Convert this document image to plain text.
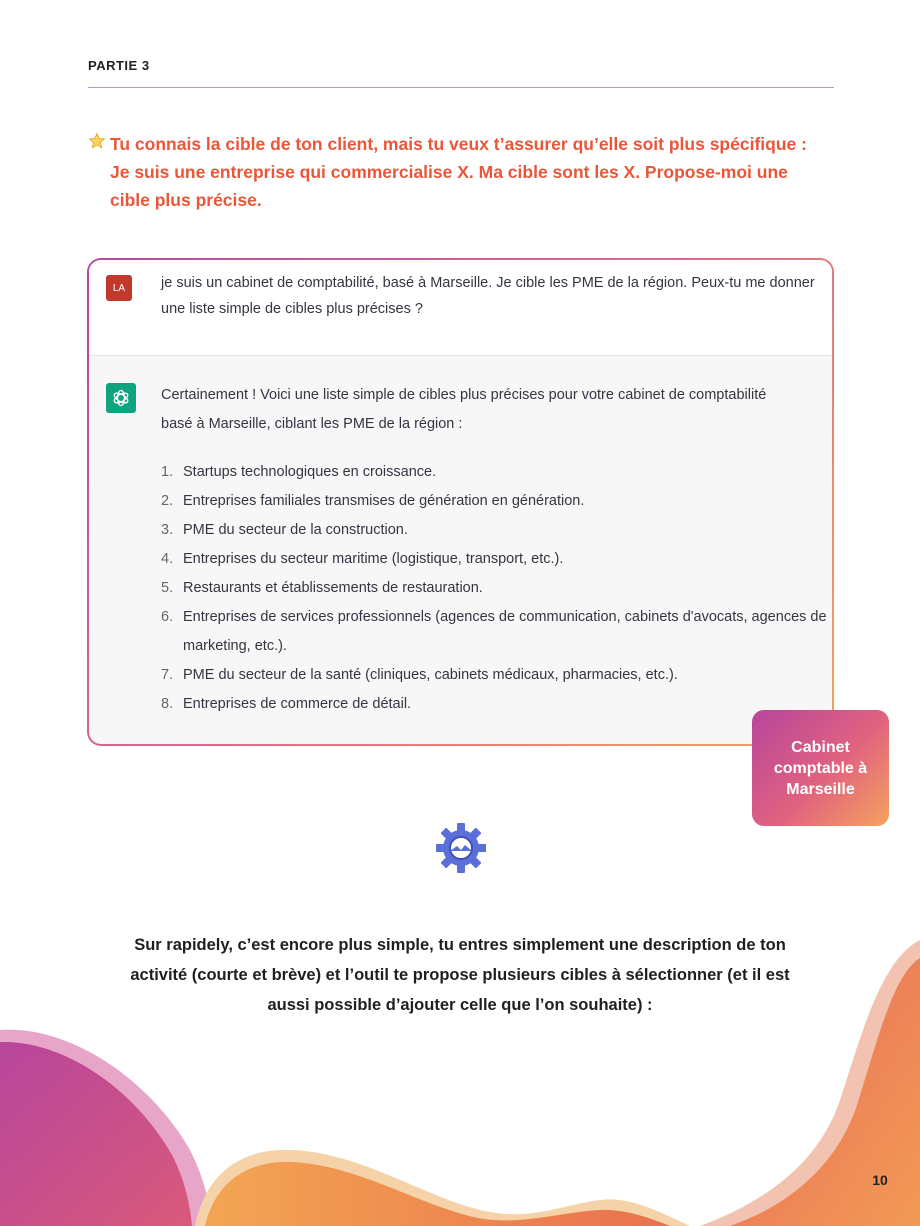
PARTIE 3
Tu connais la cible de ton client, mais tu veux t’assurer qu’elle soit plus spécifique : Je suis une entreprise qui commercialise X. Ma cible sont les X. Propose-moi une cible plus précise.
LA	je suis un cabinet de comptabilité, basé à Marseille. Je cible les PME de la région. Peux-tu me donner une liste simple de cibles plus précises ?
Certainement ! Voici une liste simple de cibles plus précises pour votre cabinet de comptabilité basé à Marseille, ciblant les PME de la région :
1. Startups technologiques en croissance.
2. Entreprises familiales transmises de génération en génération.
3. PME du secteur de la construction.
4. Entreprises du secteur maritime (logistique, transport, etc.).
5. Restaurants et établissements de restauration.
6. Entreprises de services professionnels (agences de communication, cabinets d'avocats, agences de marketing, etc.).
7. PME du secteur de la santé (cliniques, cabinets médicaux, pharmacies, etc.).
8. Entreprises de commerce de détail.
Cabinet comptable à Marseille
Sur rapidely, c’est encore plus simple, tu entres simplement une description de ton activité (courte et brève) et l’outil te propose plusieurs cibles à sélectionner (et il est aussi possible d’ajouter celle que l’on souhaite) :
10
